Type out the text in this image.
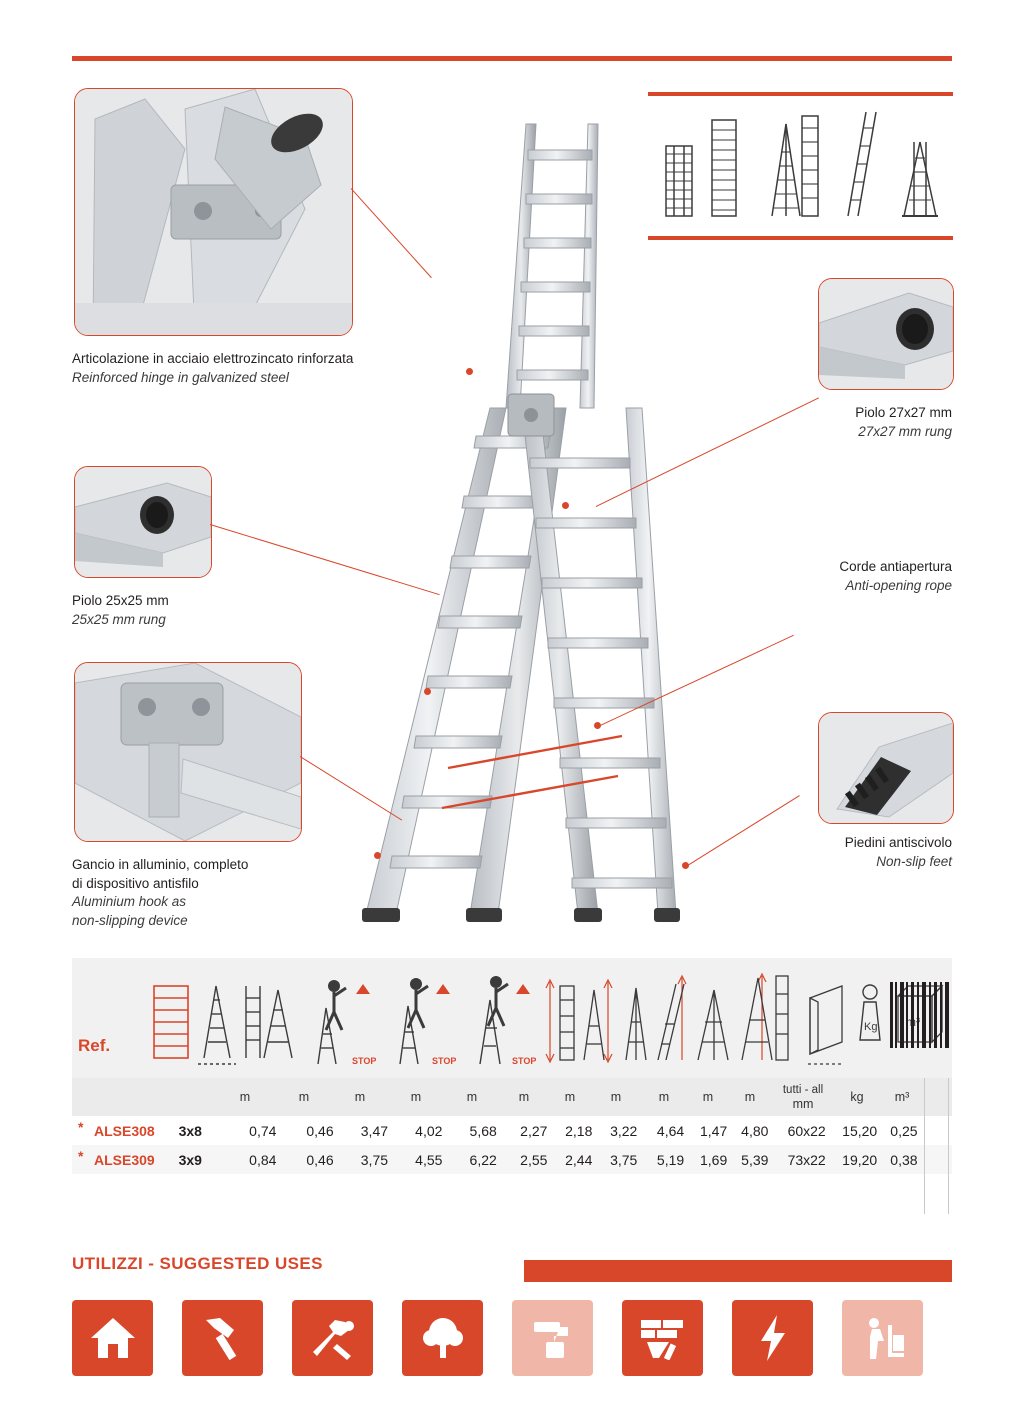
Articolazione in acciaio elettrozincato rinforzata
Reinforced hinge in galvanized steel
Piolo 27x27 mm
27x27 mm rung
Piolo 25x25 mm
25x25 mm rung
Corde antiapertura
Anti-opening rope
Gancio in alluminio, completo
di dispositivo antisfilo
Aluminium hook as
non-slipping device
Piedini antiscivolo
Non-slip feet
Ref.
STOP	STOP	STOP
Kg
		m	m	m	m	m	m	m	m	m	m	m	
tutti - all
mm	kg	m³	
* ALSE308	3x8	0,74	0,46	3,47	4,02	5,68	2,27	2,18	3,22	4,64	1,47	4,80	60x22	15,20	0,25	

* ALSE309	3x9	0,84	0,46	3,75	4,55	6,22	2,55	2,44	3,75	5,19	1,69	5,39	73x22	19,20	0,38	
UTILIZZI - SUGGESTED USES
